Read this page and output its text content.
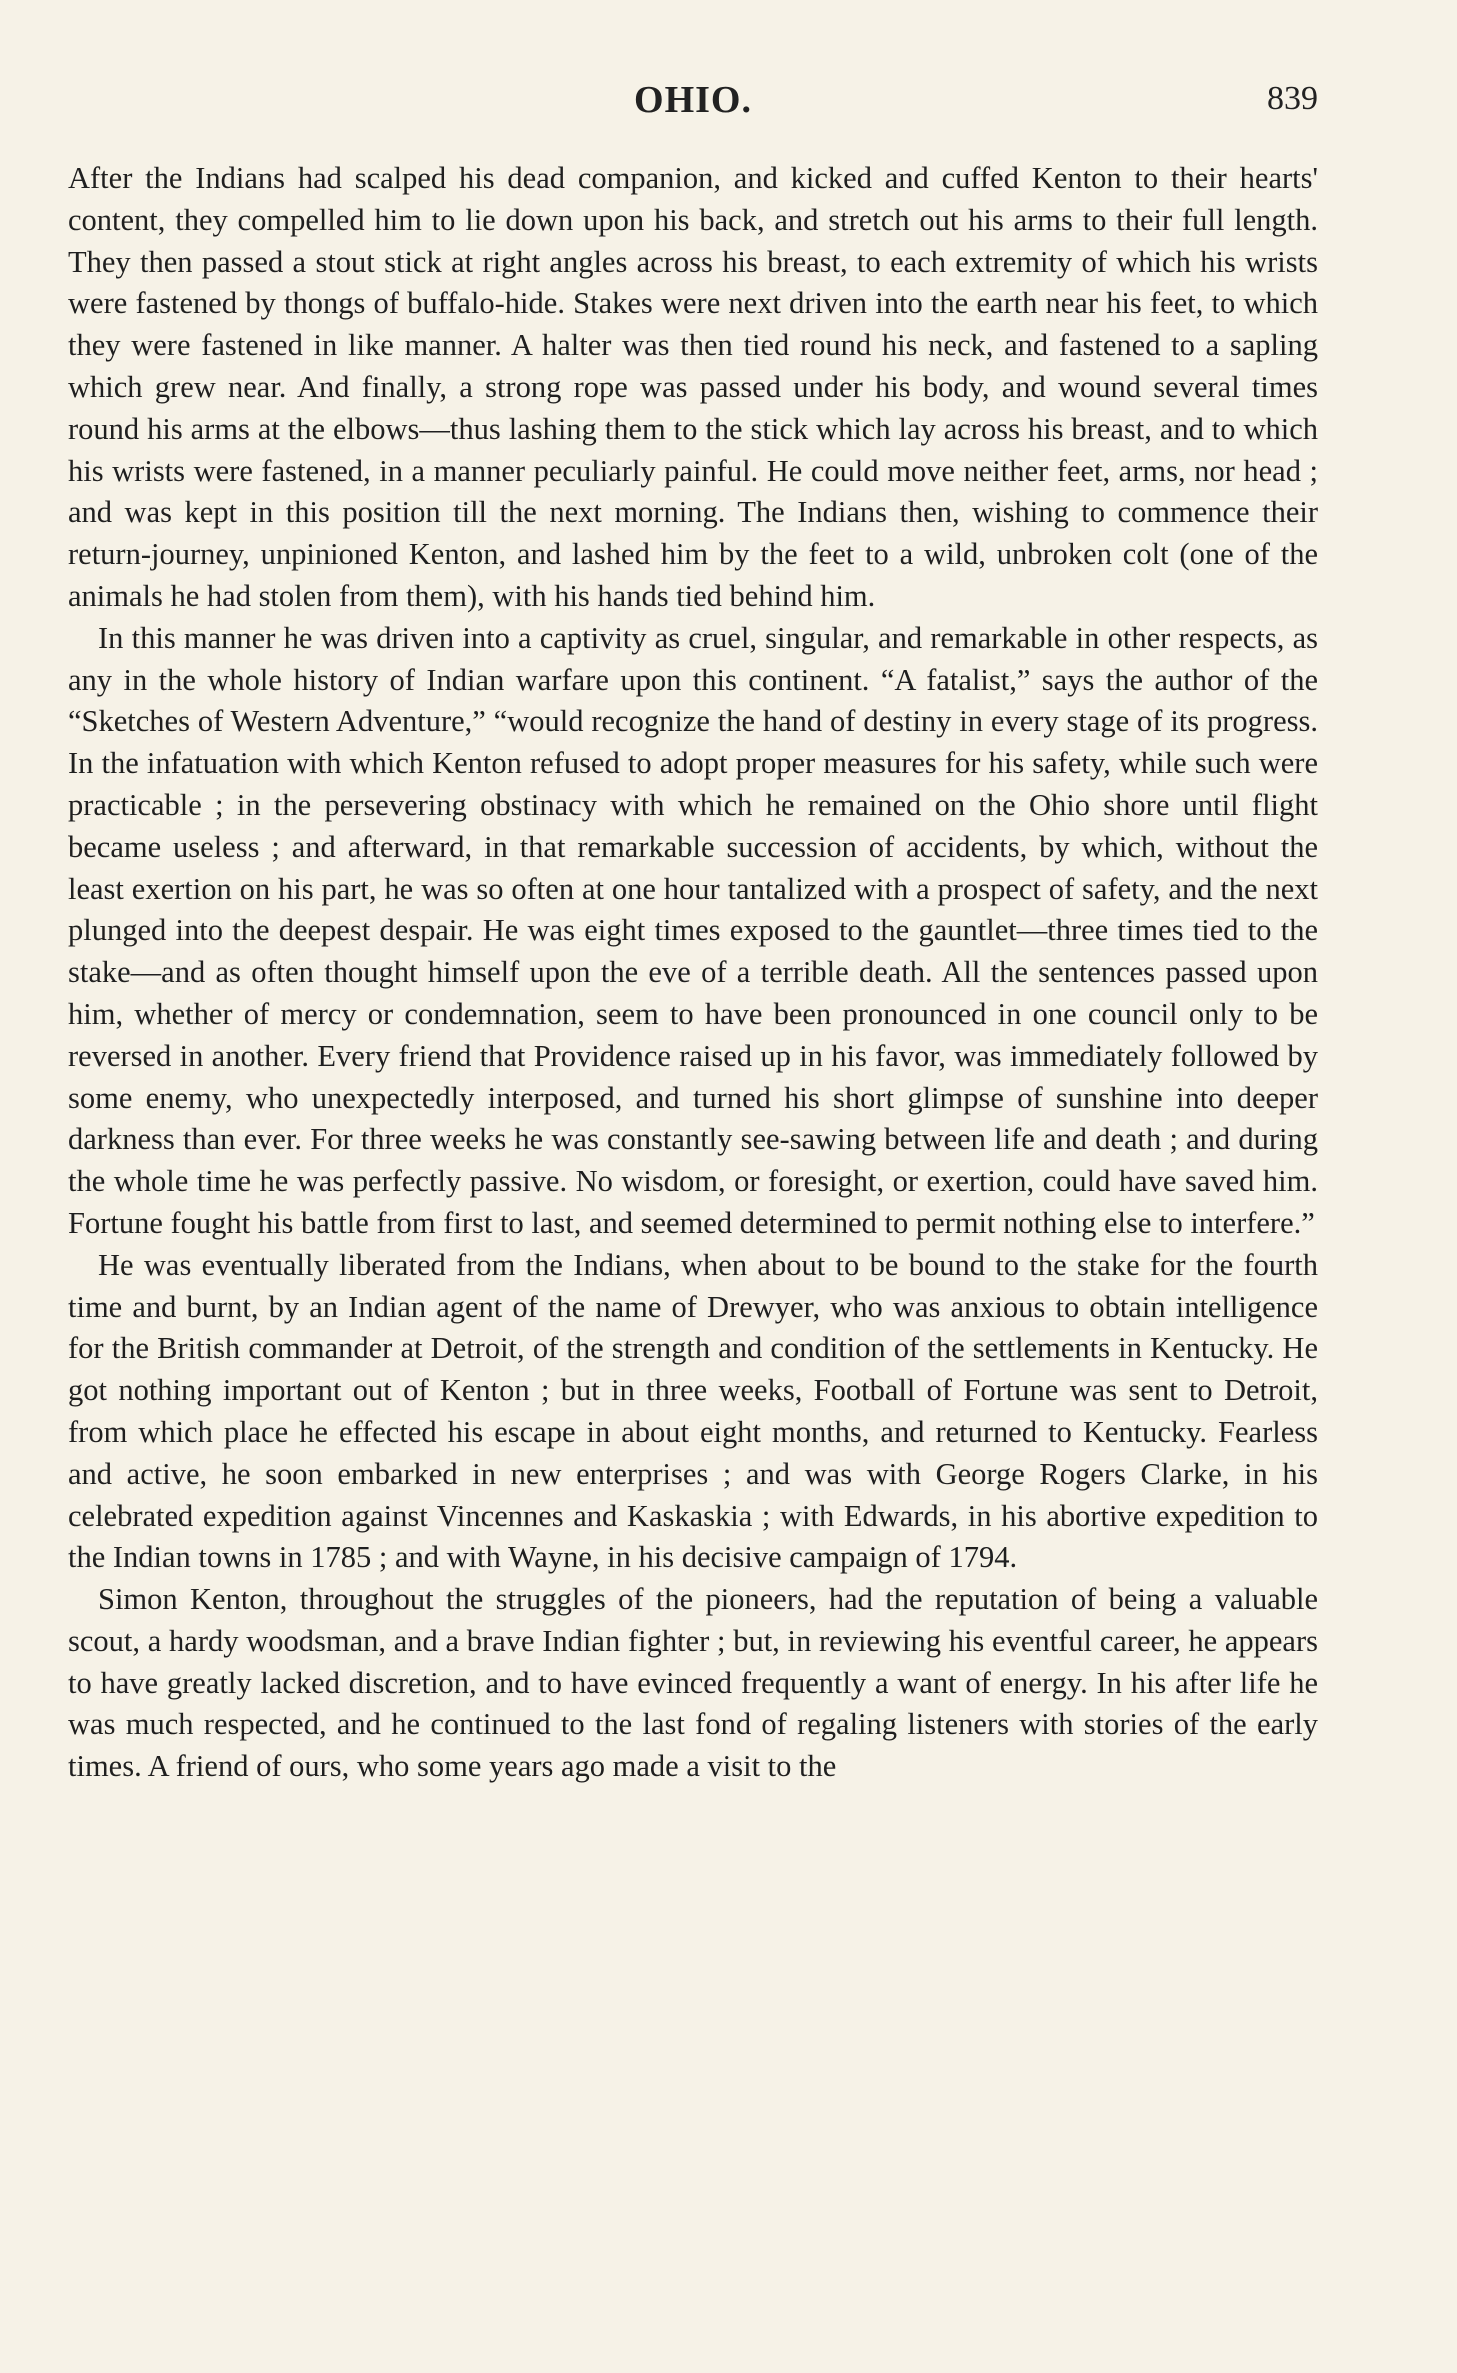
OHIO.	839

After the Indians had scalped his dead companion, and kicked and cuffed Kenton to their hearts' content, they compelled him to lie down upon his back, and stretch out his arms to their full length. They then passed a stout stick at right angles across his breast, to each extremity of which his wrists were fastened by thongs of buffalo-hide. Stakes were next driven into the earth near his feet, to which they were fastened in like manner. A halter was then tied round his neck, and fastened to a sapling which grew near. And finally, a strong rope was passed under his body, and wound several times round his arms at the elbows—thus lashing them to the stick which lay across his breast, and to which his wrists were fastened, in a manner peculiarly painful. He could move neither feet, arms, nor head ; and was kept in this position till the next morning. The Indians then, wishing to commence their return-journey, unpinioned Kenton, and lashed him by the feet to a wild, unbroken colt (one of the animals he had stolen from them), with his hands tied behind him.

In this manner he was driven into a captivity as cruel, singular, and remarkable in other respects, as any in the whole history of Indian warfare upon this continent. “A fatalist,” says the author of the “Sketches of Western Adventure,” “would recognize the hand of destiny in every stage of its progress. In the infatuation with which Kenton refused to adopt proper measures for his safety, while such were practicable ; in the persevering obstinacy with which he remained on the Ohio shore until flight became useless ; and afterward, in that remarkable succession of accidents, by which, without the least exertion on his part, he was so often at one hour tantalized with a prospect of safety, and the next plunged into the deepest despair. He was eight times exposed to the gauntlet—three times tied to the stake—and as often thought himself upon the eve of a terrible death. All the sentences passed upon him, whether of mercy or condemnation, seem to have been pronounced in one council only to be reversed in another. Every friend that Providence raised up in his favor, was immediately followed by some enemy, who unexpectedly interposed, and turned his short glimpse of sunshine into deeper darkness than ever. For three weeks he was constantly see-sawing between life and death ; and during the whole time he was perfectly passive. No wisdom, or foresight, or exertion, could have saved him. Fortune fought his battle from first to last, and seemed determined to permit nothing else to interfere.”

He was eventually liberated from the Indians, when about to be bound to the stake for the fourth time and burnt, by an Indian agent of the name of Drewyer, who was anxious to obtain intelligence for the British commander at Detroit, of the strength and condition of the settlements in Kentucky. He got nothing important out of Kenton ; but in three weeks, Football of Fortune was sent to Detroit, from which place he effected his escape in about eight months, and returned to Kentucky. Fearless and active, he soon embarked in new enterprises ; and was with George Rogers Clarke, in his celebrated expedition against Vincennes and Kaskaskia ; with Edwards, in his abortive expedition to the Indian towns in 1785 ; and with Wayne, in his decisive campaign of 1794.

Simon Kenton, throughout the struggles of the pioneers, had the reputation of being a valuable scout, a hardy woodsman, and a brave Indian fighter ; but, in reviewing his eventful career, he appears to have greatly lacked discretion, and to have evinced frequently a want of energy. In his after life he was much respected, and he continued to the last fond of regaling listeners with stories of the early times. A friend of ours, who some years ago made a visit to the
